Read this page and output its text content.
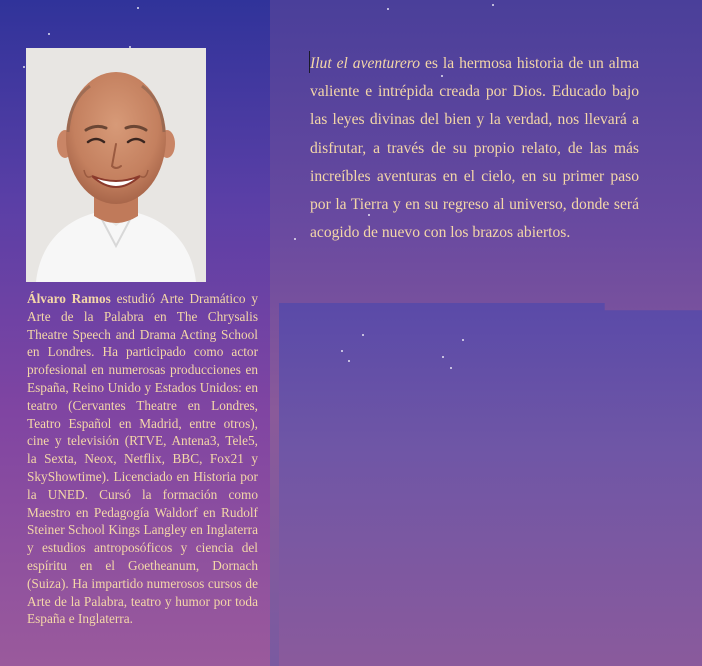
Álvaro Ramos estudió Arte Dramático y Arte de la Palabra en The Chrysalis Theatre Speech and Drama Acting School en Londres. Ha participado como actor profesional en numerosas producciones en España, Reino Unido y Estados Unidos: en teatro (Cervantes Theatre en Londres, Teatro Español en Madrid, entre otros), cine y televisión (RTVE, Antena3, Tele5, la Sexta, Neox, Netflix, BBC, Fox21 y SkyShowtime). Licenciado en Historia por la UNED. Cursó la formación como Maestro en Pedagogía Waldorf en Rudolf Steiner School Kings Langley en Inglaterra y estudios antroposóficos y ciencia del espíritu en el Goetheanum, Dornach (Suiza). Ha impartido numerosos cursos de Arte de la Palabra, teatro y humor por toda España e Inglaterra.

Ilut el aventurero es la hermosa historia de un alma valiente e intrépida creada por Dios. Educado bajo las leyes divinas del bien y la verdad, nos llevará a disfrutar, a través de su propio relato, de las más increíbles aventuras en el cielo, en su primer paso por la Tierra y en su regreso al universo, donde será acogido de nuevo con los brazos abiertos.
